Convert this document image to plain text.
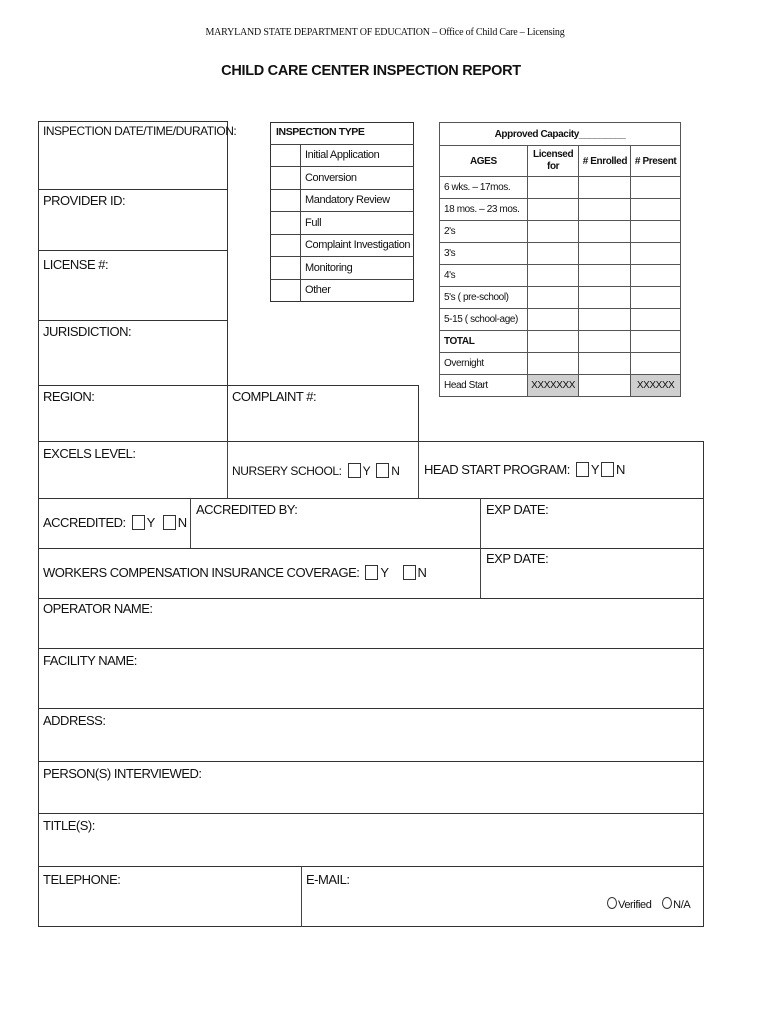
MARYLAND STATE DEPARTMENT OF EDUCATION – Office of Child Care – Licensing
CHILD CARE CENTER INSPECTION REPORT
INSPECTION DATE/TIME/DURATION:
PROVIDER ID:
LICENSE #:
JURISDICTION:
REGION:	COMPLAINT #:
INSPECTION TYPE
Initial Application
Conversion
Mandatory Review
Full
Complaint Investigation
Monitoring
Other
Approved Capacity_________			
AGES	Licensed for	# Enrolled	# Present
6 wks. – 17mos.			
18 mos. – 23 mos.			
2's			
3's			
4's			
5's ( pre-school)			
5-15 ( school-age)			
TOTAL			
Overnight			
Head Start	XXXXXXX		XXXXXX
EXCELS LEVEL:
NURSERY SCHOOL: Y N HEAD START PROGRAM: Y N
ACCREDITED: Y N
ACCREDITED BY:	EXP DATE:
WORKERS COMPENSATION INSURANCE COVERAGE: Y N
EXP DATE:
OPERATOR NAME:
FACILITY NAME:
ADDRESS:
PERSON(S) INTERVIEWED:
TITLE(S):
TELEPHONE:	E-MAIL:
Verified N/A
